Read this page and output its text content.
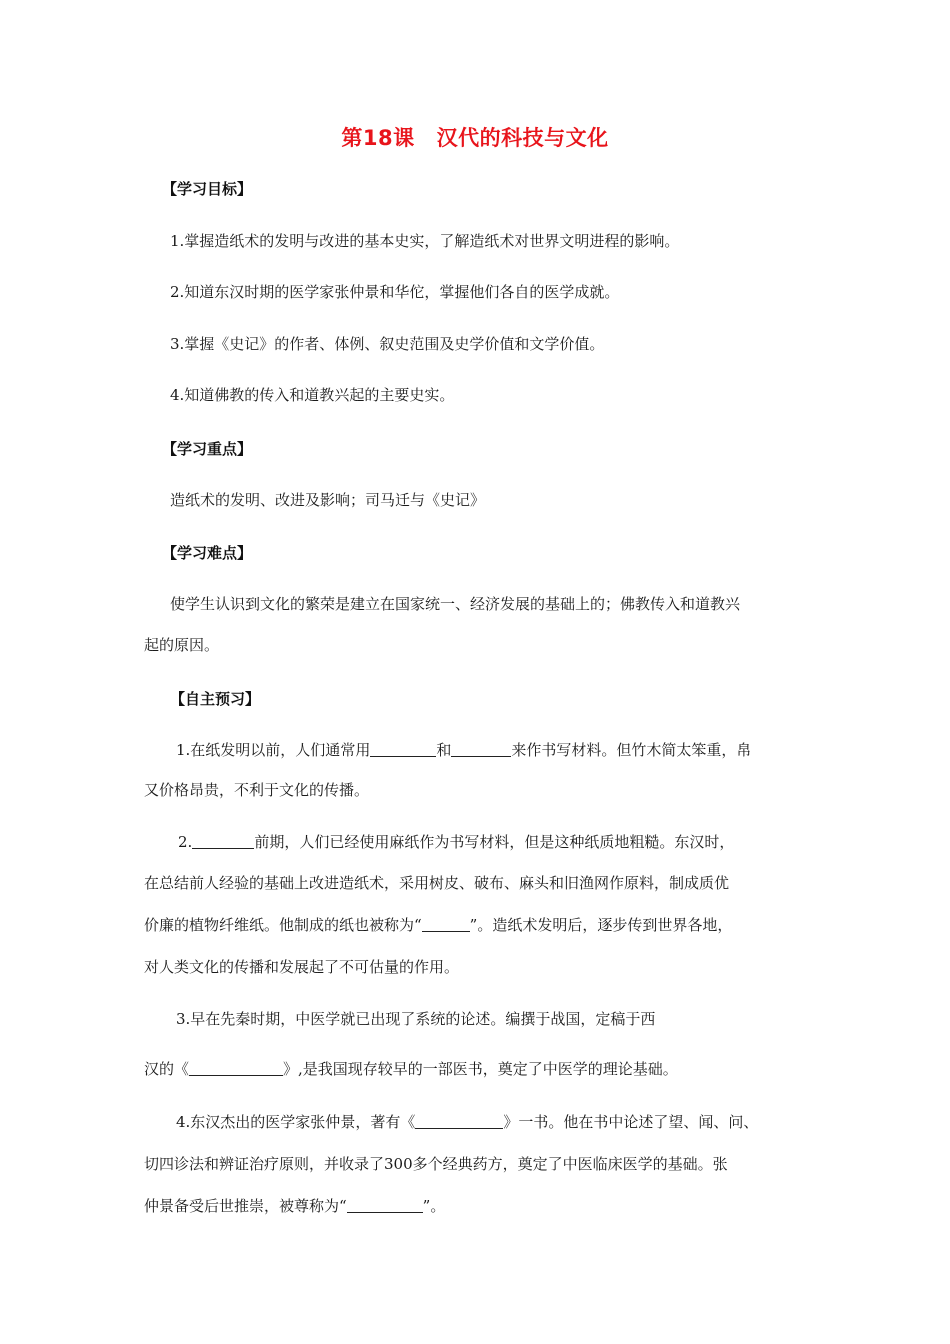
第18课 汉代的科技与文化
【学习目标】
1.掌握造纸术的发明与改进的基本史实，了解造纸术对世界文明进程的影响。
2.知道东汉时期的医学家张仲景和华佗，掌握他们各自的医学成就。
3.掌握《史记》的作者、体例、叙史范围及史学价值和文学价值。
4.知道佛教的传入和道教兴起的主要史实。
【学习重点】
造纸术的发明、改进及影响；司马迁与《史记》
【学习难点】
使学生认识到文化的繁荣是建立在国家统一、经济发展的基础上的；佛教传入和道教兴
起的原因。
【自主预习】
1.在纸发明以前，人们通常用	和	来作书写材料。但竹木简太笨重，帛
又价格昂贵，不利于文化的传播。
2.	前期，人们已经使用麻纸作为书写材料，但是这种纸质地粗糙。东汉时，
在总结前人经验的基础上改进造纸术，采用树皮、破布、麻头和旧渔网作原料，制成质优
价廉的植物纤维纸。他制成的纸也被称为“	”。造纸术发明后，逐步传到世界各地，
对人类文化的传播和发展起了不可估量的作用。
3.早在先秦时期，中医学就已出现了系统的论述。编撰于战国，定稿于西
汉的《	》,是我国现存较早的一部医书，奠定了中医学的理论基础。
4.东汉杰出的医学家张仲景，著有《	》一书。他在书中论述了望、闻、问、
切四诊法和辨证治疗原则，并收录了300多个经典药方，奠定了中医临床医学的基础。张
仲景备受后世推崇，被尊称为“	”。
